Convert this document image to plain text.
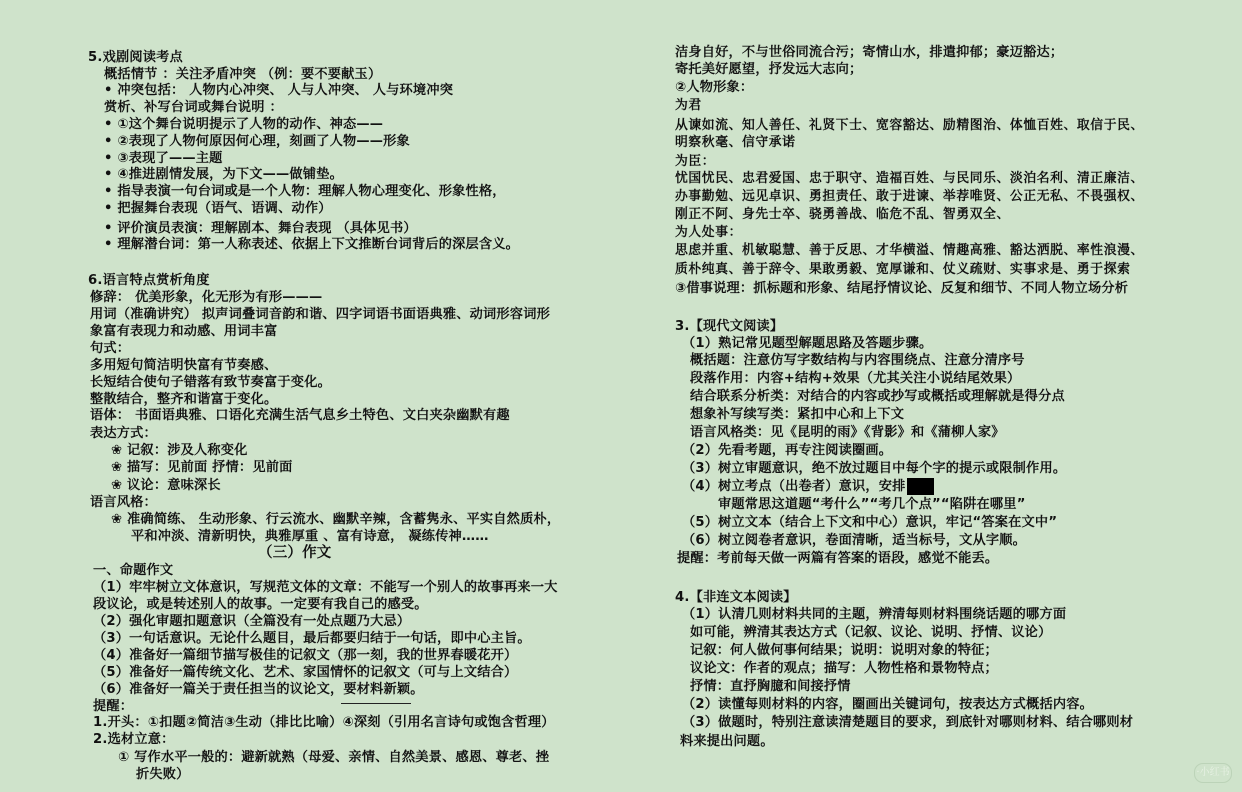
5.戏剧阅读考点
概括情节 ：关注矛盾冲突 （例：要不要献玉）
• 冲突包括： 人物内心冲突、 人与人冲突、 人与环境冲突
赏析、补写台词或舞台说明 ：
• ①这个舞台说明提示了人物的动作、神态——
• ②表现了人物何原因何心理，刻画了人物——形象
• ③表现了——主题
• ④推进剧情发展，为下文——做铺垫。
• 指导表演一句台词或是一个人物：理解人物心理变化、形象性格，
• 把握舞台表现（语气、语调、动作）
• 评价演员表演：理解剧本、舞台表现 （具体见书）
• 理解潜台词：第一人称表述、依据上下文推断台词背后的深层含义。
6.语言特点赏析角度
修辞： 优美形象，化无形为有形———
用词（准确讲究） 拟声词叠词音韵和谐、四字词语书面语典雅、动词形容词形
象富有表现力和动感、用词丰富
句式：
多用短句简洁明快富有节奏感、
长短结合使句子错落有致节奏富于变化。
整散结合，整齐和谐富于变化。
语体： 书面语典雅、口语化充满生活气息乡土特色、文白夹杂幽默有趣
表达方式：
❀ 记叙：涉及人称变化
❀ 描写：见前面 抒情：见前面
❀ 议论：意味深长
语言风格：
❀ 准确简练、 生动形象、行云流水、幽默辛辣，含蓄隽永、平实自然质朴，
平和冲淡、清新明快，典雅厚重 、富有诗意， 凝练传神……
（三）作文
一、命题作文
（1）牢牢树立文体意识，写规范文体的文章：不能写一个别人的故事再来一大
段议论，或是转述别人的故事。一定要有我自己的感受。
（2）强化审题扣题意识（全篇没有一处点题乃大忌）
（3）一句话意识。无论什么题目，最后都要归结于一句话，即中心主旨。
（4）准备好一篇细节描写极佳的记叙文（那一刻，我的世界春暖花开）
（5）准备好一篇传统文化、艺术、家国情怀的记叙文（可与上文结合）
（6）准备好一篇关于责任担当的议论文，要材料新颖。
提醒：
1.开头：①扣题②简洁③生动（排比比喻）④深刻（引用名言诗句或饱含哲理）
2.选材立意：
① 写作水平一般的：避新就熟（母爱、亲情、自然美景、感恩、尊老、挫
折失败）
洁身自好，不与世俗同流合污；寄情山水，排遣抑郁；豪迈豁达；
寄托美好愿望，抒发远大志向；
②人物形象：
为君
从谏如流、知人善任、礼贤下士、宽容豁达、励精图治、体恤百姓、取信于民、
明察秋毫、信守承诺
为臣：
忧国忧民、忠君爱国、忠于职守、造福百姓、与民同乐、淡泊名利、清正廉洁、
办事勤勉、远见卓识、勇担责任、敢于进谏、举荐唯贤、公正无私、不畏强权、
刚正不阿、身先士卒、骁勇善战、临危不乱、智勇双全、
为人处事：
思虑并重、机敏聪慧、善于反思、才华横溢、情趣高雅、豁达洒脱、率性浪漫、
质朴纯真、善于辞令、果敢勇毅、宽厚谦和、仗义疏财、实事求是、勇于探索
③借事说理：抓标题和形象、结尾抒情议论、反复和细节、不同人物立场分析
3.【现代文阅读】
（1）熟记常见题型解题思路及答题步骤。
概括题：注意仿写字数结构与内容围绕点、注意分清序号
段落作用：内容+结构+效果（尤其关注小说结尾效果）
结合联系分析类：对结合的内容或抄写或概括或理解就是得分点
想象补写续写类：紧扣中心和上下文
语言风格类：见《昆明的雨》《背影》和《蒲柳人家》
（2）先看考题，再专注阅读圈画。
（3）树立审题意识，绝不放过题目中每个字的提示或限制作用。
（4）树立考点（出卷者）意识，安排
审题常思这道题“考什么”“考几个点”“陷阱在哪里”
（5）树立文本（结合上下文和中心）意识，牢记“答案在文中”
（6）树立阅卷者意识，卷面清晰，适当标号，文从字顺。
提醒：考前每天做一两篇有答案的语段，感觉不能丢。
4.【非连文本阅读】
（1）认清几则材料共同的主题，辨清每则材料围绕话题的哪方面
如可能，辨清其表达方式（记叙、议论、说明、抒情、议论）
记叙：何人做何事何结果；说明：说明对象的特征；
议论文：作者的观点；描写：人物性格和景物特点；
抒情：直抒胸臆和间接抒情
（2）读懂每则材料的内容，圈画出关键词句，按表达方式概括内容。
（3）做题时，特别注意读清楚题目的要求，到底针对哪则材料、结合哪则材
料来提出问题。
·小红书
